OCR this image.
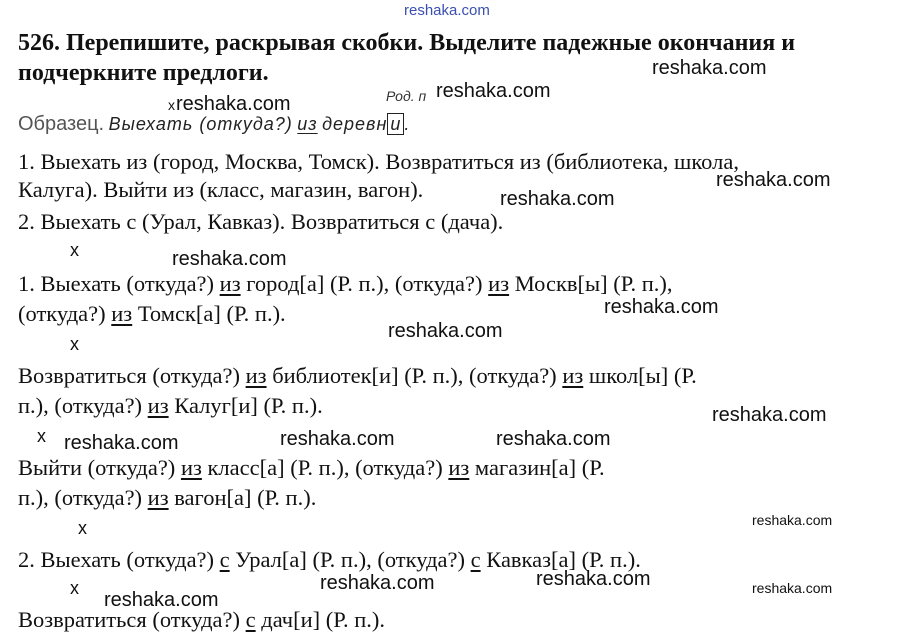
reshaka.com
526. Перепишите, раскрывая скобки. Выделите падежные окончания и
подчеркните предлоги.
Род. п
x
Образец. Выехать (откуда?) из деревн и .
1. Выехать из (город, Москва, Томск). Возвратиться из (библиотека, школа,
Калуга). Выйти из (класс, магазин, вагон).
2. Выехать с (Урал, Кавказ). Возвратиться с (дача).
x
1. Выехать (откуда?) из город[а] (Р. п.), (откуда?) из Москв[ы] (Р. п.),
(откуда?) из Томск[а] (Р. п.).
x
Возвратиться (откуда?) из библиотек[и] (Р. п.), (откуда?) из школ[ы] (Р.
п.), (откуда?) из Калуг[и] (Р. п.).
x
Выйти (откуда?) из класс[а] (Р. п.), (откуда?) из магазин[а] (Р.
п.), (откуда?) из вагон[а] (Р. п.).
x
2. Выехать (откуда?) с Урал[а] (Р. п.), (откуда?) с Кавказ[а] (Р. п.).
x
Возвратиться (откуда?) с дач[и] (Р. п.).
reshaka.com
reshaka.com
reshaka.com
reshaka.com
reshaka.com
reshaka.com
reshaka.com
reshaka.com
reshaka.com
reshaka.com	reshaka.com	reshaka.com
reshaka.com
reshaka.com
reshaka.com	reshaka.com
reshaka.com
